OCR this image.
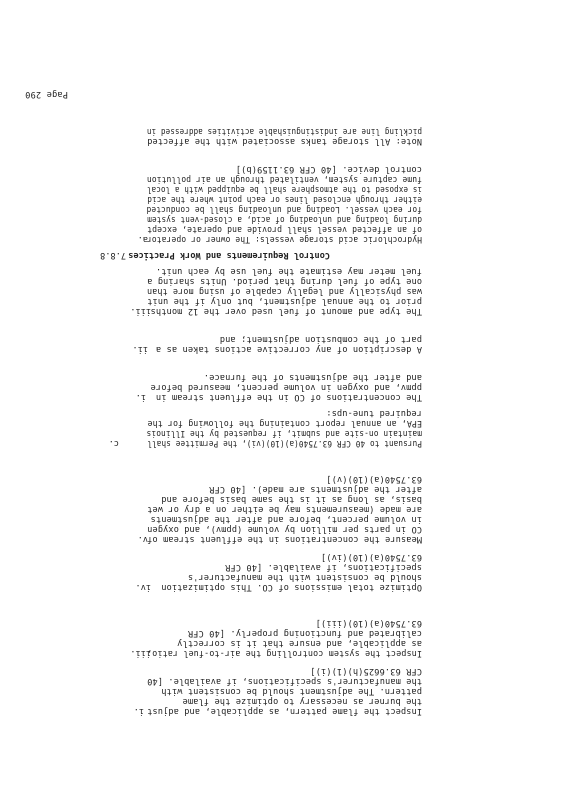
Page 290
i. Inspect the flame pattern, as applicable, and adjust
the burner as necessary to optimize the flame
pattern. The adjustment should be consistent with
the manufacturer's specifications, if available. [40
CFR 63.6625(h)(1)(i)]
iii.
Inspect the system controlling the air-to-fuel ratio,
as applicable, and ensure that it is correctly
calibrated and functioning properly. [40 CFR
63.7540(a)(10)(iii)]
iv. Optimize total emissions of CO. This optimization
should be consistent with the manufacturer's
specifications, if available. [40 CFR
63.7540(a)(10)(iv)]
v. Measure the concentrations in the effluent stream of
CO in parts per million by volume (ppmv), and oxygen
in volume percent, before and after the adjustments
are made (measurements may be either on a dry or wet
basis, as long as it is the same basis before and
after the adjustments are made). [40 CFR
63.7540(a)(10)(v)]
c.	Pursuant to 40 CFR 63.7540(a)(10)(vi), the Permittee shall
maintain on-site and submit, if requested by the Illinois
EPA, an annual report containing the following for the
required tune-ups:
i. The concentrations of CO in the effluent stream in
ppmv, and oxygen in volume percent, measured before
and after the adjustments of the furnace.
ii. A description of any corrective actions taken as a
part of the combustion adjustment; and
iii. The type and amount of fuel used over the 12 months
prior to the annual adjustment, but only if the unit
was physically and legally capable of using more than
one type of fuel during that period. Units sharing a
fuel meter may estimate the fuel use by each unit.
7.8.8 Control Requirements and Work Practices
a.
Hydrochloric acid storage vessels: The owner or operator
of an affected vessel shall provide and operate, except
during loading and unloading of acid, a closed-vent system
for each vessel. Loading and unloading shall be conducted
either through enclosed lines or each point where the acid
is exposed to the atmosphere shall be equipped with a local
fume capture system, ventilated through an air pollution
control device. [40 CFR 63.1159(b)]
Note: All storage tanks associated with the affected
pickling line are indistinguishable activities addressed in
